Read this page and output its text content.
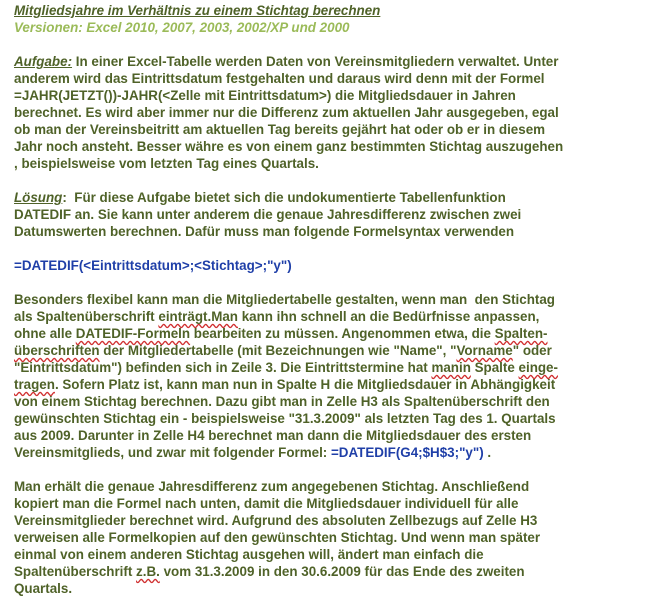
Mitgliedsjahre im Verhältnis zu einem Stichtag berechnen
Versionen: Excel 2010, 2007, 2003, 2002/XP und 2000
Aufgabe: In einer Excel-Tabelle werden Daten von Vereinsmitgliedern verwaltet. Unter
anderem wird das Eintrittsdatum festgehalten und daraus wird denn mit der Formel
=JAHR(JETZT())-JAHR(<Zelle mit Eintrittsdatum>) die Mitgliedsdauer in Jahren
berechnet. Es wird aber immer nur die Differenz zum aktuellen Jahr ausgegeben, egal
ob man der Vereinsbeitritt am aktuellen Tag bereits gejährt hat oder ob er in diesem
Jahr noch ansteht. Besser währe es von einem ganz bestimmten Stichtag auszugehen
, beispielsweise vom letzten Tag eines Quartals.
Lösung:  Für diese Aufgabe bietet sich die undokumentierte Tabellenfunktion
DATEDIF an. Sie kann unter anderem die genaue Jahresdifferenz zwischen zwei
Datumswerten berechnen. Dafür muss man folgende Formelsyntax verwenden
=DATEDIF(<Eintrittsdatum>;<Stichtag>;"y")
Besonders flexibel kann man die Mitgliedertabelle gestalten, wenn man  den Stichtag
als Spaltenüberschrift einträgt.Man kann ihn schnell an die Bedürfnisse anpassen,
ohne alle DATEDIF-Formeln bearbeiten zu müssen. Angenommen etwa, die Spalten-
überschriften der Mitgliedertabelle (mit Bezeichnungen wie "Name", "Vorname" oder
"Eintrittsdatum") befinden sich in Zeile 3. Die Eintrittstermine hat manin Spalte einge-
tragen. Sofern Platz ist, kann man nun in Spalte H die Mitgliedsdauer in Abhängigkeit
von einem Stichtag berechnen. Dazu gibt man in Zelle H3 als Spaltenüberschrift den
gewünschten Stichtag ein - beispielsweise "31.3.2009" als letzten Tag des 1. Quartals
aus 2009. Darunter in Zelle H4 berechnet man dann die Mitgliedsdauer des ersten
Vereinsmitglieds, und zwar mit folgender Formel: =DATEDIF(G4;$H$3;"y") .
Man erhält die genaue Jahresdifferenz zum angegebenen Stichtag. Anschließend
kopiert man die Formel nach unten, damit die Mitgliedsdauer individuell für alle
Vereinsmitglieder berechnet wird. Aufgrund des absoluten Zellbezugs auf Zelle H3
verweisen alle Formelkopien auf den gewünschten Stichtag. Und wenn man später
einmal von einem anderen Stichtag ausgehen will, ändert man einfach die
Spaltenüberschrift z.B. vom 31.3.2009 in den 30.6.2009 für das Ende des zweiten
Quartals.
